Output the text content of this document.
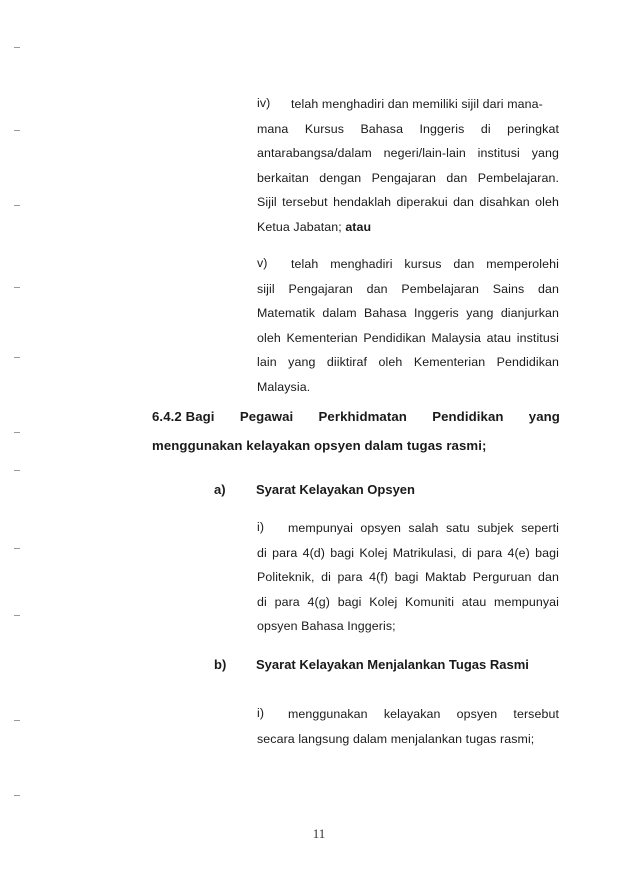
iv) telah menghadiri dan memiliki sijil dari mana-

mana Kursus Bahasa Inggeris di peringkat

antarabangsa/dalam negeri/lain-lain institusi yang

berkaitan dengan Pengajaran dan Pembelajaran.

Sijil tersebut hendaklah diperakui dan disahkan oleh

Ketua Jabatan; atau

v) telah menghadiri kursus dan memperolehi

sijil Pengajaran dan Pembelajaran Sains dan

Matematik dalam Bahasa Inggeris yang dianjurkan

oleh Kementerian Pendidikan Malaysia atau institusi

lain yang diiktiraf oleh Kementerian Pendidikan

Malaysia.

6.4.2 Bagi Pegawai Perkhidmatan Pendidikan yang
menggunakan kelayakan opsyen dalam tugas rasmi;
a) Syarat Kelayakan Opsyen
i) mempunyai opsyen salah satu subjek seperti

di para 4(d) bagi Kolej Matrikulasi, di para 4(e) bagi

Politeknik, di para 4(f) bagi Maktab Perguruan dan

di para 4(g) bagi Kolej Komuniti atau mempunyai

opsyen Bahasa Inggeris;

b) Syarat Kelayakan Menjalankan Tugas Rasmi
i) menggunakan kelayakan opsyen tersebut

secara langsung dalam menjalankan tugas rasmi;

11
